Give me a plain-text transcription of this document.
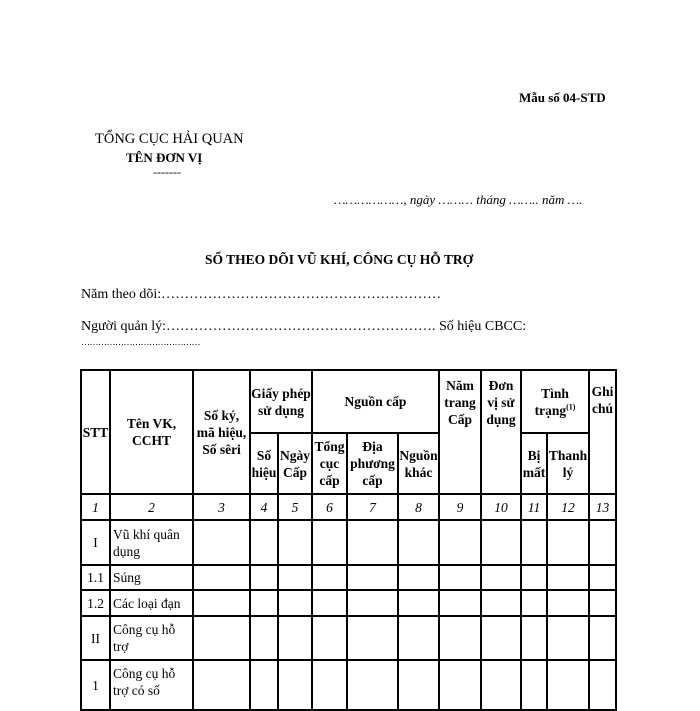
Mẫu số 04-STD
TỔNG CỤC HẢI QUAN
TÊN ĐƠN VỊ
-------
………………, ngày ……… tháng …….. năm ….
SỔ THEO DÕI VŨ KHÍ, CÔNG CỤ HỖ TRỢ
Năm theo dõi:……………………………………………………
Người quản lý:…………………………………………………. Số hiệu CBCC:
……………………………………
STT	Tên VK, CCHT	Số ký, mã hiệu, Số sêri	Giấy phép sử dụng		Nguồn cấp			Năm trang Cấp	Đơn vị sử dụng	Tình trạng$^{(1)}$		Ghi chú
			Số hiệu	Ngày Cấp	Tổng cục cấp	Địa phương cấp	Nguồn khác			Bị mất	Thanh lý	
1	2	3	4	5	6	7	8	9	10	11	12	13
I	Vũ khí quân dụng											
1.1	Súng											
1.2	Các loại đạn											
II	Công cụ hỗ trợ											
1	Công cụ hỗ trợ có số											
